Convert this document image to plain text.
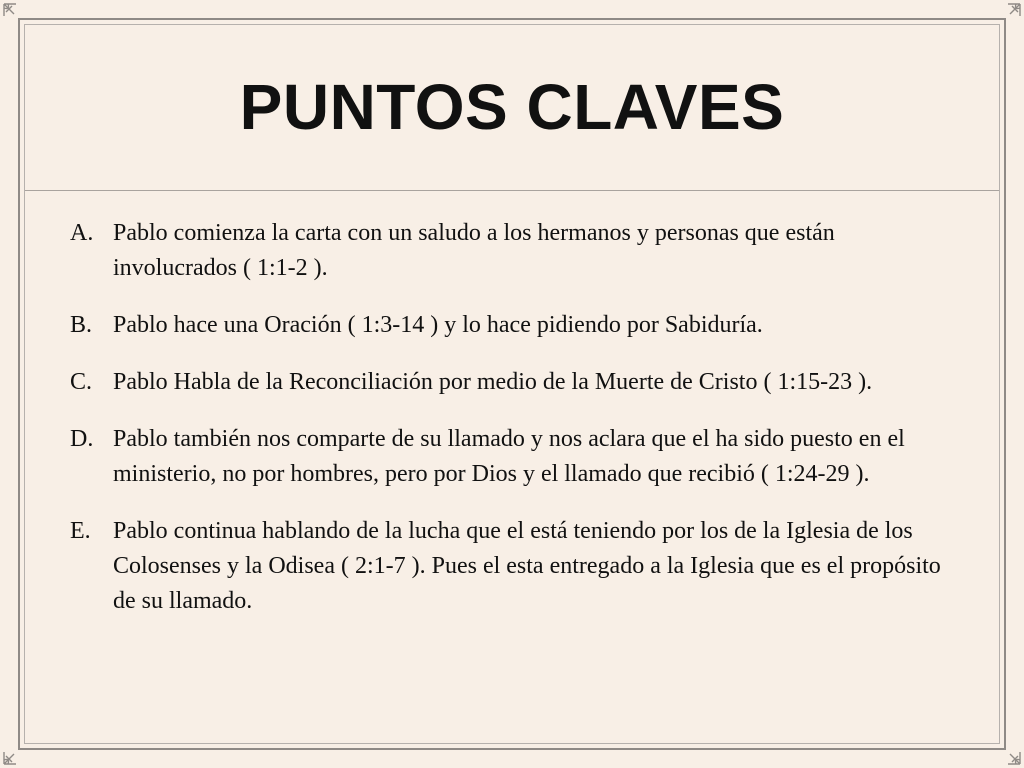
PUNTOS CLAVES
A. Pablo comienza la carta con un saludo a los hermanos y personas que están involucrados ( 1:1-2 ).
B. Pablo hace una Oración ( 1:3-14 ) y lo hace pidiendo por Sabiduría.
C. Pablo Habla de la Reconciliación por medio de la Muerte de Cristo ( 1:15-23 ).
D. Pablo también nos comparte de su llamado y nos aclara que el ha sido puesto en el ministerio, no por hombres, pero por Dios y el llamado que recibió ( 1:24-29 ).
E. Pablo continua hablando de la lucha que el está teniendo por los de la Iglesia de los Colosenses y la Odisea ( 2:1-7 ). Pues el esta entregado a la Iglesia que es el propósito de su llamado.
